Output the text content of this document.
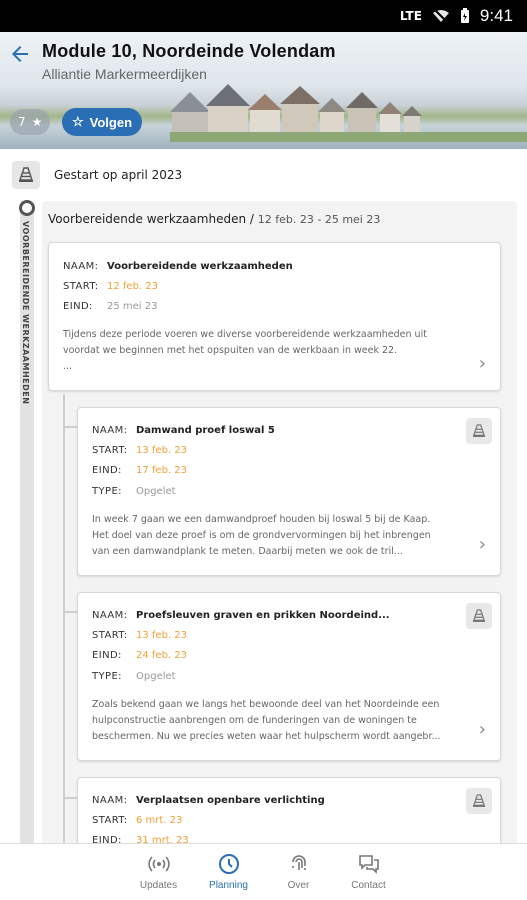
LTE	9:41
Module 10, Noordeinde Volendam
Alliantie Markermeerdijken
7 ★ ☆ Volgen
Gestart op april 2023
VOORBEREIDENDE WERKZAAMHEDEN
Voorbereidende werkzaamheden / 12 feb. 23 - 25 mei 23
NAAM: Voorbereidende werkzaamheden
START: 12 feb. 23
EIND:	25 mei 23
Tijdens deze periode voeren we diverse voorbereidende werkzaamheden uit
voordat we beginnen met het opspuiten van de werkbaan in week 22.
...	›
NAAM: Damwand proef loswal 5
START: 13 feb. 23
EIND:	17 feb. 23
TYPE:	Opgelet
In week 7 gaan we een damwandproef houden bij loswal 5 bij de Kaap.
Het doel van deze proef is om de grondvervormingen bij het inbrengen
van een damwandplank te meten. Daarbij meten we ook de tril...	›
NAAM: Proefsleuven graven en prikken Noordeind...
START: 13 feb. 23
EIND:	24 feb. 23
TYPE:	Opgelet
Zoals bekend gaan we langs het bewoonde deel van het Noordeinde een
hulpconstructie aanbrengen om de funderingen van de woningen te
beschermen. Nu we precies weten waar het hulpscherm wordt aangebr... ›
NAAM: Verplaatsen openbare verlichting
START: 6 mrt. 23
EIND:	31 mrt. 23
Updates	Planning	Over	Contact
